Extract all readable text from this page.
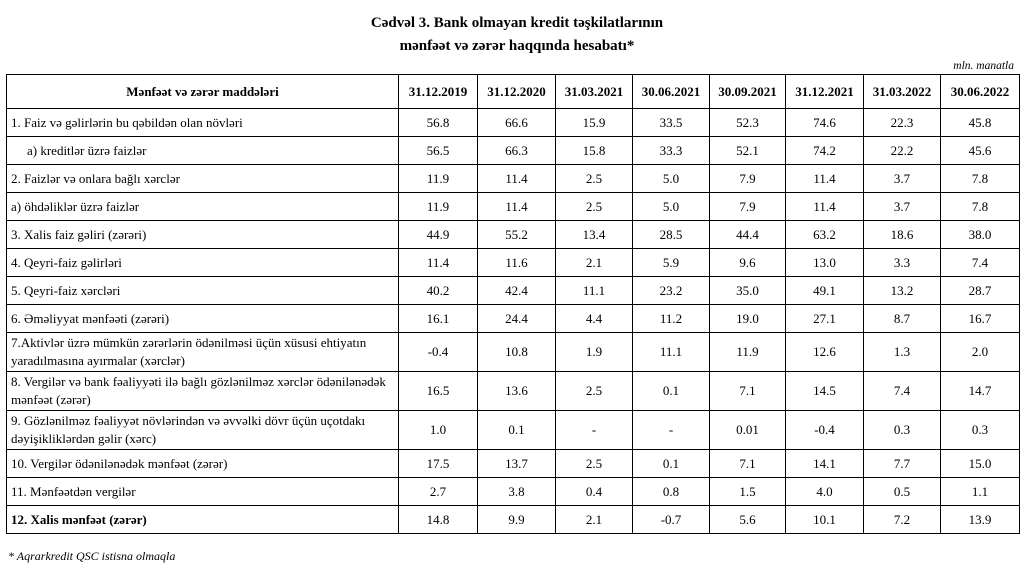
Cədvəl 3. Bank olmayan kredit təşkilatlarının
mənfəət və zərər haqqında hesabatı*
mln. manatla
Mənfəət və zərər maddələri	31.12.2019	31.12.2020	31.03.2021	30.06.2021	30.09.2021	31.12.2021	31.03.2022	30.06.2022
1. Faiz və gəlirlərin bu qəbildən olan növləri	56.8	66.6	15.9	33.5	52.3	74.6	22.3	45.8
a) kreditlər üzrə faizlər	56.5	66.3	15.8	33.3	52.1	74.2	22.2	45.6
2. Faizlər və onlara bağlı xərclər	11.9	11.4	2.5	5.0	7.9	11.4	3.7	7.8
a) öhdəliklər üzrə faizlər	11.9	11.4	2.5	5.0	7.9	11.4	3.7	7.8
3. Xalis faiz gəliri (zərəri)	44.9	55.2	13.4	28.5	44.4	63.2	18.6	38.0
4. Qeyri-faiz gəlirləri	11.4	11.6	2.1	5.9	9.6	13.0	3.3	7.4
5. Qeyri-faiz xərcləri	40.2	42.4	11.1	23.2	35.0	49.1	13.2	28.7
6. Əməliyyat mənfəəti (zərəri)	16.1	24.4	4.4	11.2	19.0	27.1	8.7	16.7
7.Aktivlər üzrə mümkün zərərlərin ödənilməsi üçün xüsusi ehtiyatın yaradılmasına ayırmalar (xərclər)	-0.4	10.8	1.9	11.1	11.9	12.6	1.3	2.0
8. Vergilər və bank fəaliyyəti ilə bağlı gözlənilməz xərclər ödənilənədək mənfəət (zərər)	16.5	13.6	2.5	0.1	7.1	14.5	7.4	14.7
9. Gözlənilməz fəaliyyət növlərindən və əvvəlki dövr üçün uçotdakı dəyişikliklərdən gəlir (xərc)	1.0	0.1	-	-	0.01	-0.4	0.3	0.3
10. Vergilər ödənilənədək mənfəət (zərər)	17.5	13.7	2.5	0.1	7.1	14.1	7.7	15.0
11. Mənfəətdən vergilər	2.7	3.8	0.4	0.8	1.5	4.0	0.5	1.1
12. Xalis mənfəət (zərər)	14.8	9.9	2.1	-0.7	5.6	10.1	7.2	13.9
* Aqrarkredit QSC istisna olmaqla
